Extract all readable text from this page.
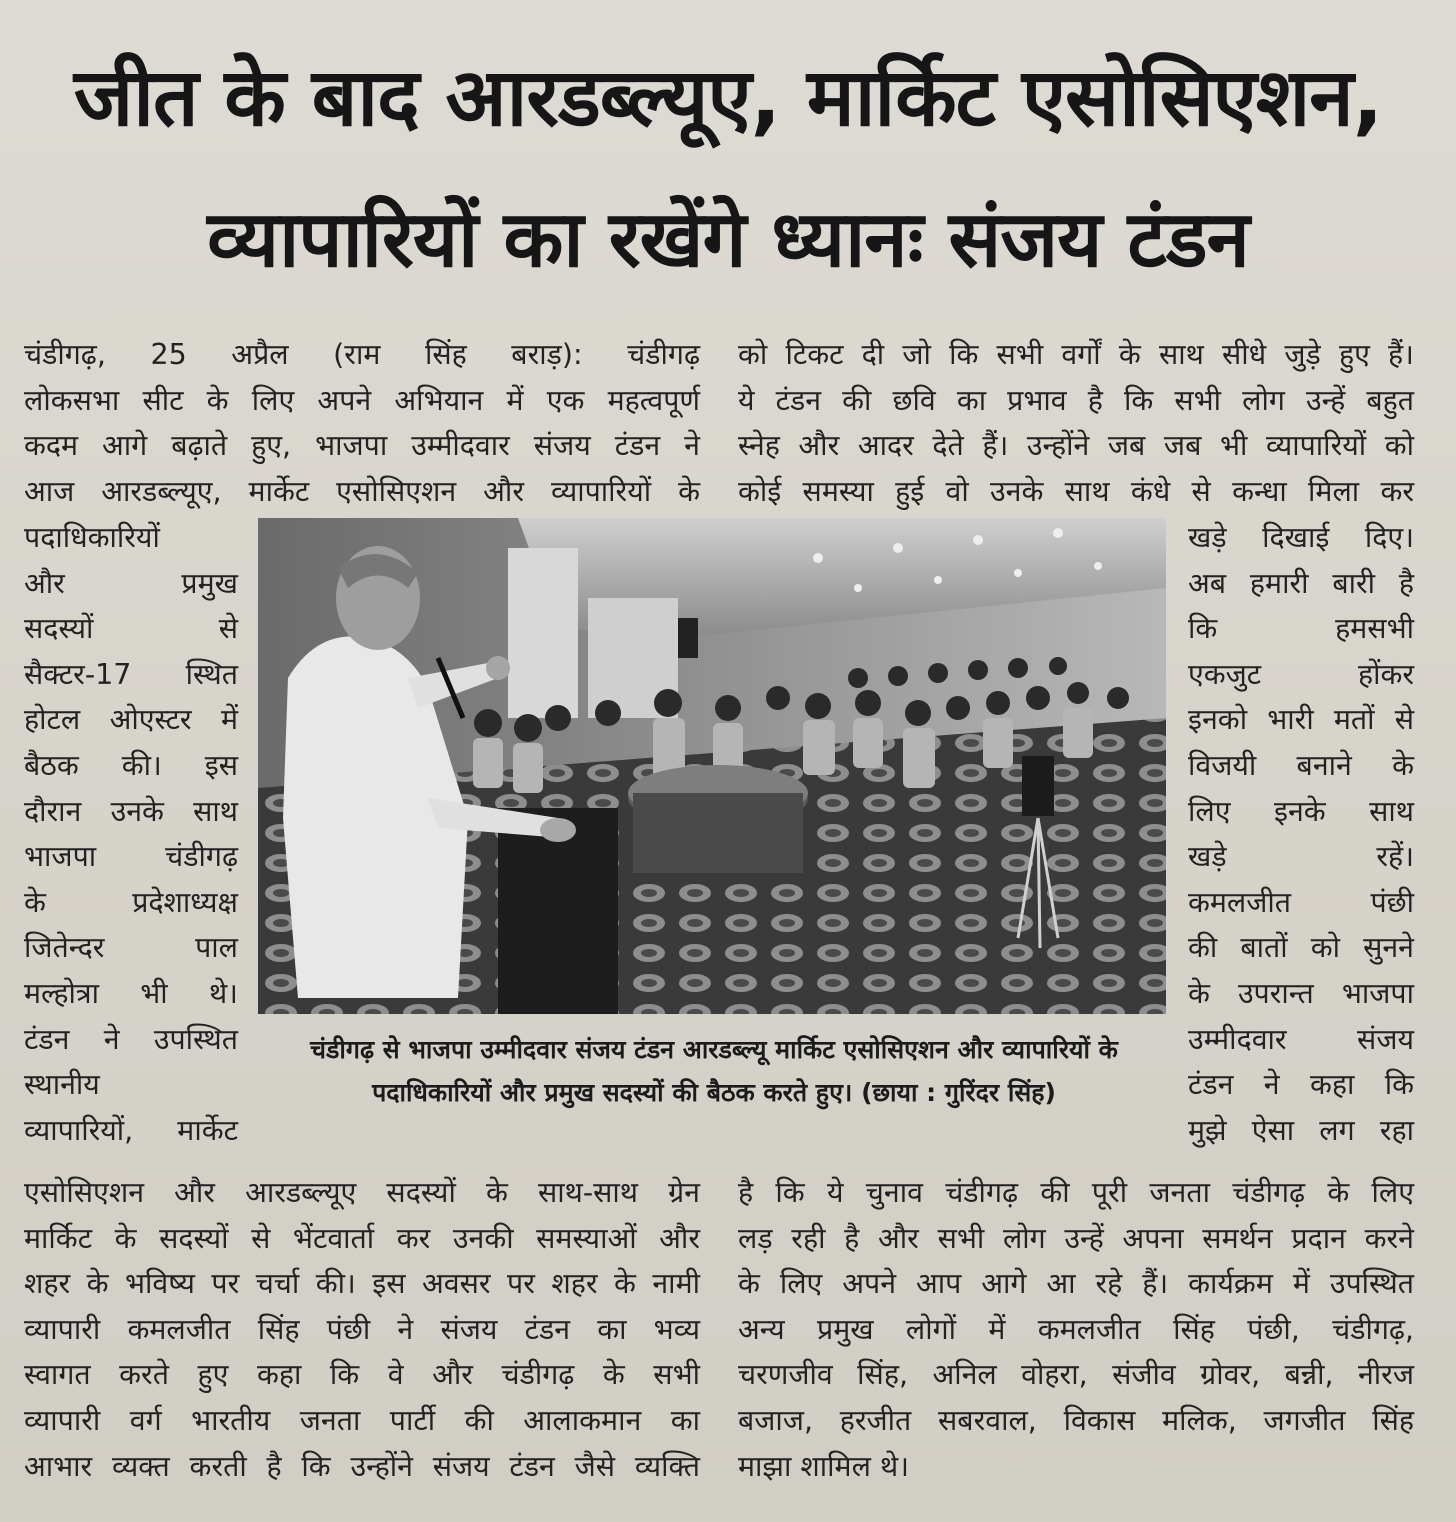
जीत के बाद आरडब्ल्यूए, मार्किट एसोसिएशन,
व्यापारियों का रखेंगे ध्यानः संजय टंडन
चंडीगढ़, 25 अप्रैल (राम सिंह बराड़): चंडीगढ़
लोकसभा सीट के लिए अपने अभियान में एक महत्वपूर्ण
कदम आगे बढ़ाते हुए, भाजपा उम्मीदवार संजय टंडन ने
आज आरडब्ल्यूए, मार्केट एसोसिएशन और व्यापारियों के
पदाधिकारियों
और प्रमुख
सदस्यों से
सैक्टर-17 स्थित
होटल ओएस्टर में
बैठक की। इस
दौरान उनके साथ
भाजपा चंडीगढ़
के प्रदेशाध्यक्ष
जितेन्दर पाल
मल्होत्रा भी थे।
टंडन ने उपस्थित
स्थानीय
व्यापारियों, मार्केट
एसोसिएशन और आरडब्ल्यूए सदस्यों के साथ-साथ ग्रेन
मार्किट के सदस्यों से भेंटवार्ता कर उनकी समस्याओं और
शहर के भविष्य पर चर्चा की। इस अवसर पर शहर के नामी
व्यापारी कमलजीत सिंह पंछी ने संजय टंडन का भव्य
स्वागत करते हुए कहा कि वे और चंडीगढ़ के सभी
व्यापारी वर्ग भारतीय जनता पार्टी की आलाकमान का
आभार व्यक्त करती है कि उन्होंने संजय टंडन जैसे व्यक्ति
को टिकट दी जो कि सभी वर्गों के साथ सीधे जुड़े हुए हैं।
ये टंडन की छवि का प्रभाव है कि सभी लोग उन्हें बहुत
स्नेह और आदर देते हैं। उन्होंने जब जब भी व्यापारियों को
कोई समस्या हुई वो उनके साथ कंधे से कन्धा मिला कर
खड़े दिखाई दिए।
अब हमारी बारी है
कि हमसभी
एकजुट होंकर
इनको भारी मतों से
विजयी बनाने के
लिए इनके साथ
खड़े रहें।
कमलजीत पंछी
की बातों को सुनने
के उपरान्त भाजपा
उम्मीदवार संजय
टंडन ने कहा कि
मुझे ऐसा लग रहा
है कि ये चुनाव चंडीगढ़ की पूरी जनता चंडीगढ़ के लिए
लड़ रही है और सभी लोग उन्हें अपना समर्थन प्रदान करने
के लिए अपने आप आगे आ रहे हैं। कार्यक्रम में उपस्थित
अन्य प्रमुख लोगों में कमलजीत सिंह पंछी, चंडीगढ़,
चरणजीव सिंह, अनिल वोहरा, संजीव ग्रोवर, बन्नी, नीरज
बजाज, हरजीत सबरवाल, विकास मलिक, जगजीत सिंह
माझा शामिल थे।
चंडीगढ़ से भाजपा उम्मीदवार संजय टंडन आरडब्ल्यू मार्किट एसोसिएशन और व्यापारियों के
पदाधिकारियों और प्रमुख सदस्यों की बैठक करते हुए। (छाया : गुरिंदर सिंह)
